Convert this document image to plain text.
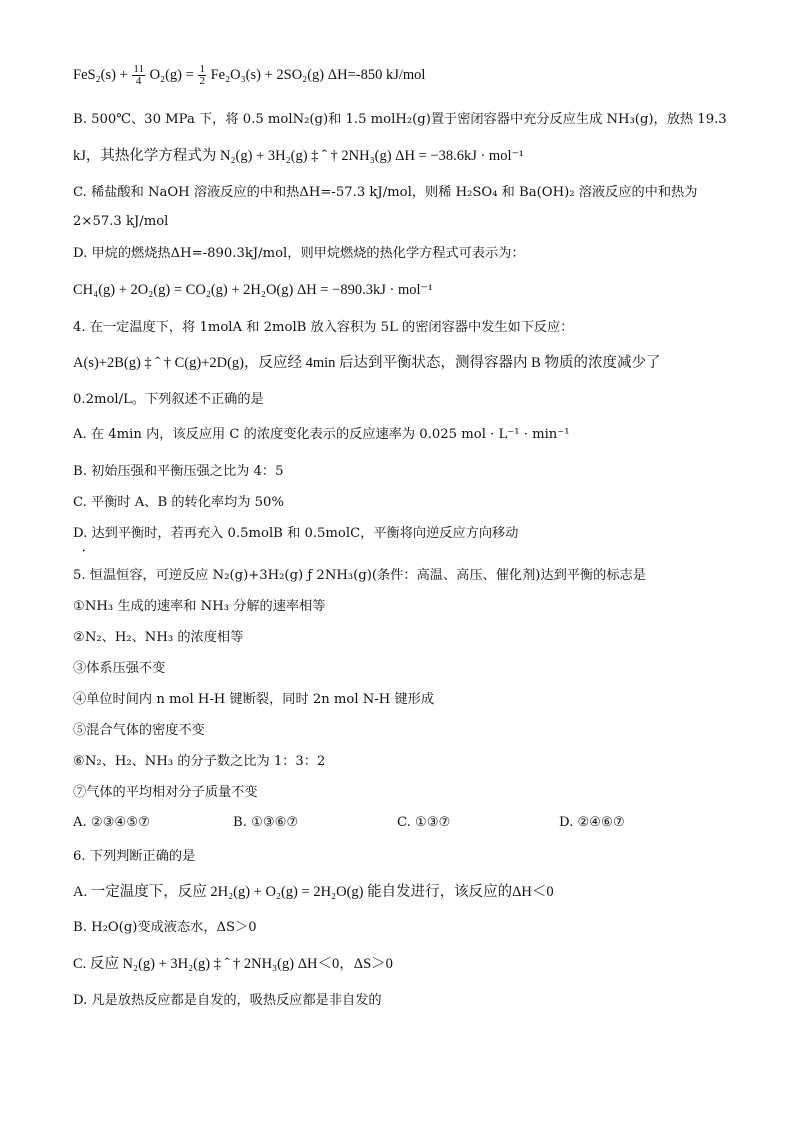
$FeS_2(s) + \frac{11}{4} O_2(g) = \frac{1}{2} Fe_2O_3(s) + 2SO_2(g)$ ΔH=-850 kJ/mol
B. 500℃、30 MPa 下，将 0.5 molN₂(g)和 1.5 molH₂(g)置于密闭容器中充分反应生成 NH₃(g)，放热 19.3
kJ，其热化学方程式为 N₂(g) + 3H₂(g) ‡ ˆ † 2NH₃(g) ΔH = −38.6kJ · mol⁻¹
C. 稀盐酸和 NaOH 溶液反应的中和热ΔH=-57.3 kJ/mol，则稀 H₂SO₄ 和 Ba(OH)₂ 溶液反应的中和热为
2×57.3 kJ/mol
D. 甲烷的燃烧热ΔH=-890.3kJ/mol，则甲烷燃烧的热化学方程式可表示为：
CH₄(g) + 2O₂(g) = CO₂(g) + 2H₂O(g) ΔH = −890.3kJ · mol⁻¹
4. 在一定温度下，将 1molA 和 2molB 放入容积为 5L 的密闭容器中发生如下反应：
A(s)+2B(g) ‡ ˆ † C(g)+2D(g)，反应经 4min 后达到平衡状态，测得容器内 B 物质的浓度减少了
0.2mol/L。下列叙述不正确的是
A. 在 4min 内，该反应用 C 的浓度变化表示的反应速率为 0.025 mol · L⁻¹ · min⁻¹
B. 初始压强和平衡压强之比为 4：5
C. 平衡时 A、B 的转化率均为 50%
D. 达到平衡时，若再充入 0.5molB 和 0.5molC，平衡将向逆反应方向移动
•
5. 恒温恒容，可逆反应 N₂(g)+3H₂(g) ƒ 2NH₃(g)(条件：高温、高压、催化剂)达到平衡的标志是
①NH₃ 生成的速率和 NH₃ 分解的速率相等
②N₂、H₂、NH₃ 的浓度相等
③体系压强不变
④单位时间内 n mol H-H 键断裂，同时 2n mol N-H 键形成
⑤混合气体的密度不变
⑥N₂、H₂、NH₃ 的分子数之比为 1：3：2
⑦气体的平均相对分子质量不变
A. ②③④⑤⑦	B. ①③⑥⑦	C. ①③⑦	D. ②④⑥⑦
6. 下列判断正确的是
A. 一定温度下，反应 2H₂(g) + O₂(g) = 2H₂O(g) 能自发进行，该反应的ΔH＜0
B. H₂O(g)变成液态水，ΔS＞0
C. 反应 N₂(g) + 3H₂(g) ‡ ˆ † 2NH₃(g) ΔH＜0，ΔS＞0
D. 凡是放热反应都是自发的，吸热反应都是非自发的
